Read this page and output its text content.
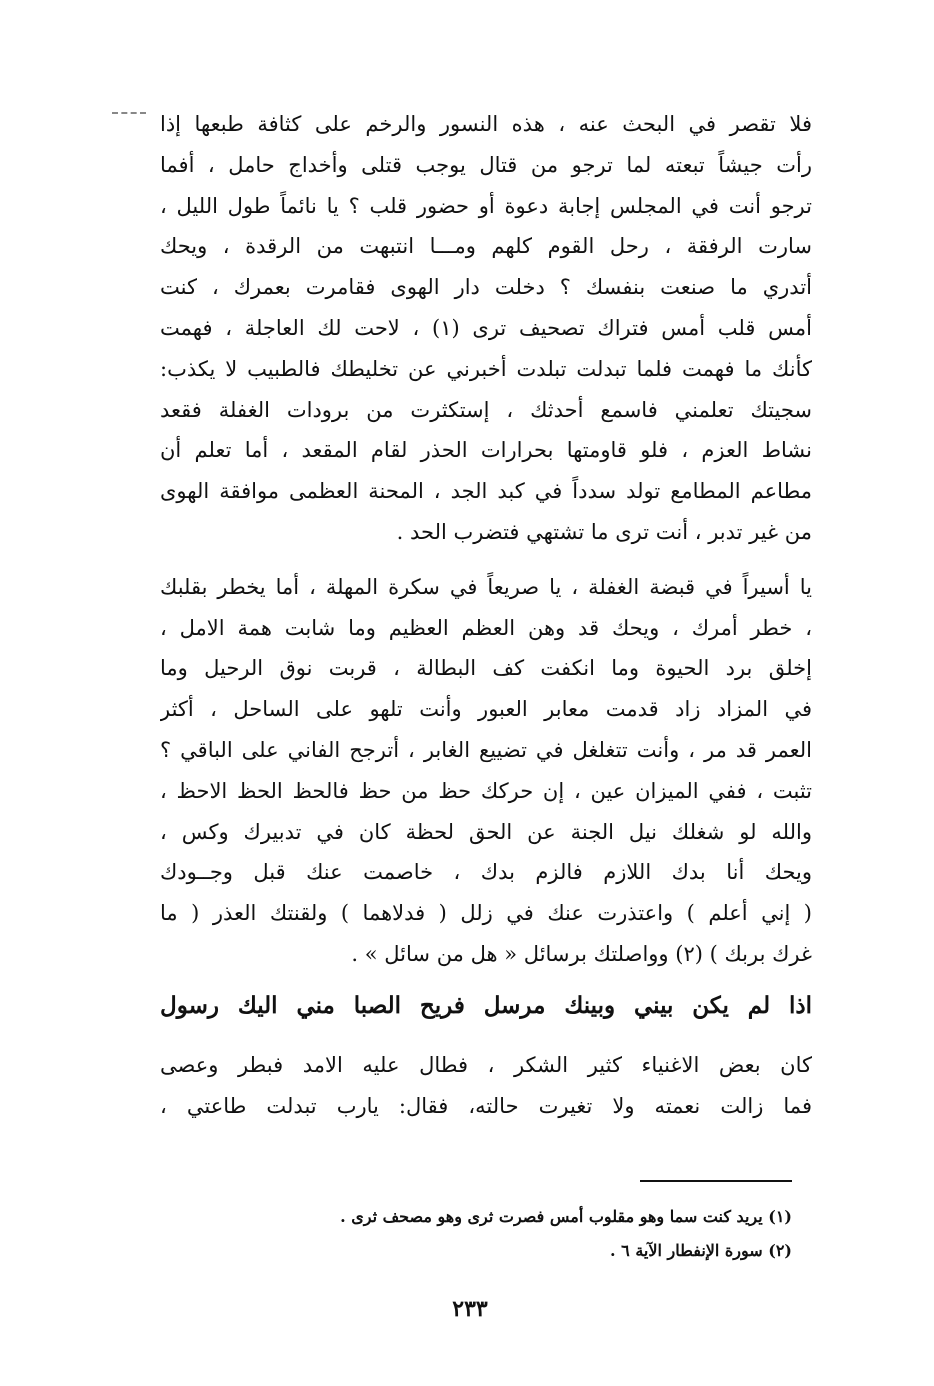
فلا تقصر في البحث عنه ، هذه النسور والرخم على كثافة طبعها إذا
رأت جيشاً تبعته لما ترجو من قتال يوجب قتلى وأخداج حامل ، أفما
ترجو أنت في المجلس إجابة دعوة أو حضور قلب ؟ يا نائماً طول الليل ،
سارت الرفقة ، رحل القوم كلهم ومـــا انتبهت من الرقدة ، ويحك
أتدري ما صنعت بنفسك ؟ دخلت دار الهوى فقامرت بعمرك ، كنت
أمس قلب أمس فتراك تصحيف ترى (١) ، لاحت لك العاجلة ، فهمت
كأنك ما فهمت فلما تبدلت تبلدت أخبرني عن تخليطك فالطبيب لا يكذب:
سجيتك تعلمني فاسمع أحدثك ، إستكثرت من برودات الغفلة فقعد
نشاط العزم ، فلو قاومتها بحرارات الحذر لقام المقعد ، أما تعلم أن
مطاعم المطامع تولد سدداً في كبد الجد ، المحنة العظمى موافقة الهوى
من غير تدبر ، أنت ترى ما تشتهي فتضرب الحد .
يا أسيراً في قبضة الغفلة ، يا صريعاً في سكرة المهلة ، أما يخطر بقلبك
، خطر أمرك ، ويحك قد وهن العظم العظيم وما شابت همة الامل ،
إخلق برد الحيوة وما انكفت كف البطالة ، قربت نوق الرحيل وما
في المزاد زاد قدمت معابر العبور وأنت تلهو على الساحل ، أكثر
العمر قد مر ، وأنت تتغلغل في تضييع الغابر ، أترجح الفاني على الباقي ؟
تثبت ، ففي الميزان عين ، إن حركك حظ من حظ فالحظ الحظ الاحظ ،
والله لو شغلك نيل الجنة عن الحق لحظة كان في تدبيرك وكس ،
ويحك أنا بدك اللازم فالزم بدك ، خاصمت عنك قبل وجــودك
( إني أعلم ) واعتذرت عنك في زلل ( فدلاهما ) ولقنتك العذر ( ما
غرك بربك ) (٢) وواصلتك برسائل « هل من سائل » .
اذا لم يكن بيني وبينك مرسل فريح الصبا مني اليك رسول
كان بعض الاغنياء كثير الشكر ، فطال عليه الامد فبطر وعصى
فما زالت نعمته ولا تغيرت حالته، فقال: يارب تبدلت طاعتي ،
(١) يريد كنت سما وهو مقلوب أمس فصرت ثرى وهو مصحف ثرى .
(٢) سورة الإنفطار الآية ٦ .
٢٣٣
